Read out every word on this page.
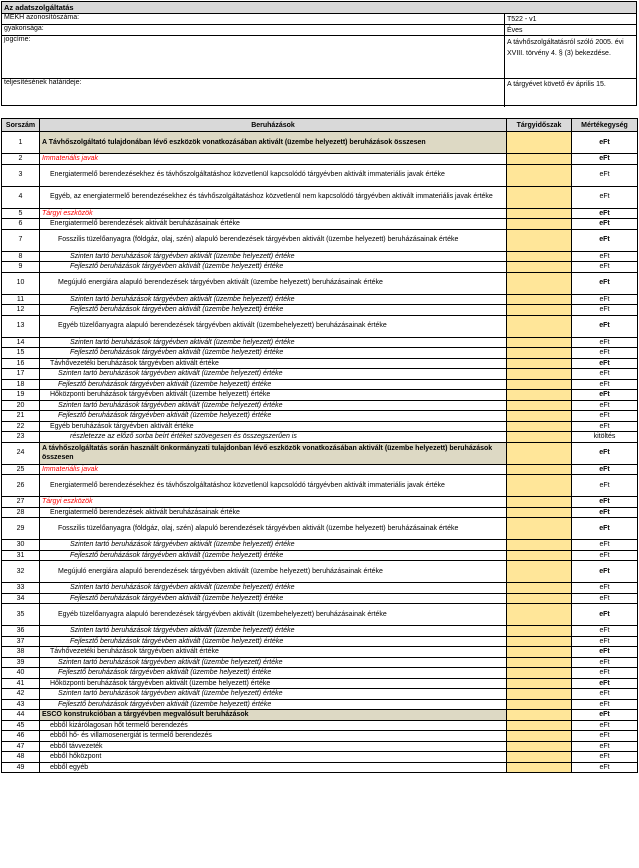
Az adatszolgáltatás
MEKH azonosítószáma:	T522 - v1
gyakorisága:	Éves
jogcíme:	A távhőszolgáltatásról szóló 2005. évi XVIII. törvény 4. § (3) bekezdése.
teljesítésének határideje:	A tárgyévet követő év április 15.
Sorszám	Beruházások	Tárgyidőszak	Mértékegység
1	A Távhőszolgáltató tulajdonában lévő eszközök vonatkozásában aktivált (üzembe helyezett) beruházások összesen		eFt
2	Immateriális javak		eFt
3	Energiatermelő berendezésekhez és távhőszolgáltatáshoz közvetlenül kapcsolódó tárgyévben aktivált immateriális javak értéke		eFt
4	Egyéb, az energiatermelő berendezésekhez és távhőszolgáltatáshoz közvetlenül nem kapcsolódó tárgyévben aktivált immateriális javak értéke		eFt
5	Tárgyi eszközök		eFt
6	Energiatermelő berendezések aktivált beruházásainak értéke		eFt
7	Fosszilis tüzelőanyagra (földgáz, olaj, szén) alapuló berendezések tárgyévben aktivált (üzembe helyezett) beruházásainak értéke		eFt
8	Szinten tartó beruházások tárgyévben aktivált (üzembe helyezett) értéke		eFt
9	Fejlesztő beruházások tárgyévben aktivált (üzembe helyezett) értéke		eFt
10	Megújuló energiára alapuló berendezések tárgyévben aktivált (üzembe helyezett) beruházásainak értéke		eFt
11	Szinten tartó beruházások tárgyévben aktivált (üzembe helyezett) értéke		eFt
12	Fejlesztő beruházások tárgyévben aktivált (üzembe helyezett) értéke		eFt
13	Egyéb tüzelőanyagra alapuló berendezések tárgyévben aktivált (üzembehelyezett) beruházásainak értéke		eFt
14	Szinten tartó beruházások tárgyévben aktivált (üzembe helyezett) értéke		eFt
15	Fejlesztő beruházások tárgyévben aktivált (üzembe helyezett) értéke		eFt
16	Távhővezetéki beruházások tárgyévben aktivált értéke		eFt
17	Szinten tartó beruházások tárgyévben aktivált (üzembe helyezett) értéke		eFt
18	Fejlesztő beruházások tárgyévben aktivált (üzembe helyezett) értéke		eFt
19	Hőközponti beruházások tárgyévben aktivált (üzembe helyezett) értéke		eFt
20	Szinten tartó beruházások tárgyévben aktivált (üzembe helyezett) értéke		eFt
21	Fejlesztő beruházások tárgyévben aktivált (üzembe helyezett) értéke		eFt
22	Egyéb beruházások tárgyévben aktivált értéke		eFt
23	részletezze az előző sorba beírt értéket szövegesen és összegszerűen is		kitöltés
24	A távhőszolgáltatás során használt önkormányzati tulajdonban lévő eszközök vonatkozásában aktivált (üzembe helyezett) beruházások összesen		eFt
25	Immateriális javak		eFt
26	Energiatermelő berendezésekhez és távhőszolgáltatáshoz közvetlenül kapcsolódó tárgyévben aktivált immateriális javak értéke		eFt
27	Tárgyi eszközök		eFt
28	Energiatermelő berendezések aktivált beruházásainak értéke		eFt
29	Fosszilis tüzelőanyagra (földgáz, olaj, szén) alapuló berendezések tárgyévben aktivált (üzembe helyezett) beruházásainak értéke		eFt
30	Szinten tartó beruházások tárgyévben aktivált (üzembe helyezett) értéke		eFt
31	Fejlesztő beruházások tárgyévben aktivált (üzembe helyezett) értéke		eFt
32	Megújuló energiára alapuló berendezések tárgyévben aktivált (üzembe helyezett) beruházásainak értéke		eFt
33	Szinten tartó beruházások tárgyévben aktivált (üzembe helyezett) értéke		eFt
34	Fejlesztő beruházások tárgyévben aktivált (üzembe helyezett) értéke		eFt
35	Egyéb tüzelőanyagra alapuló berendezések tárgyévben aktivált (üzembehelyezett) beruházásainak értéke		eFt
36	Szinten tartó beruházások tárgyévben aktivált (üzembe helyezett) értéke		eFt
37	Fejlesztő beruházások tárgyévben aktivált (üzembe helyezett) értéke		eFt
38	Távhővezetéki beruházások tárgyévben aktivált értéke		eFt
39	Szinten tartó beruházások tárgyévben aktivált (üzembe helyezett) értéke		eFt
40	Fejlesztő beruházások tárgyévben aktivált (üzembe helyezett) értéke		eFt
41	Hőközponti beruházások tárgyévben aktivált (üzembe helyezett) értéke		eFt
42	Szinten tartó beruházások tárgyévben aktivált (üzembe helyezett) értéke		eFt
43	Fejlesztő beruházások tárgyévben aktivált (üzembe helyezett) értéke		eFt
44	ESCO konstrukcióban a tárgyévben megvalósult beruházások		eFt
45	ebből kizárólagosan hőt termelő berendezés		eFt
46	ebből hő- és villamosenergiát is termelő berendezés		eFt
47	ebből távvezeték		eFt
48	ebből hőközpont		eFt
49	ebből egyéb		eFt
